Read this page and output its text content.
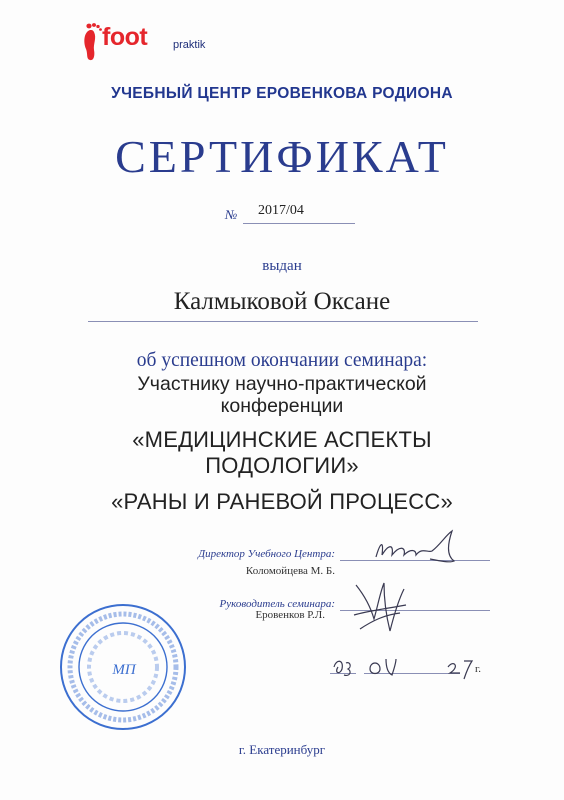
foot praktik
УЧЕБНЫЙ ЦЕНТР ЕРОВЕНКОВА РОДИОНА
СЕРТИФИКАТ
№ 2017/04
выдан
Калмыковой Оксане
об успешном окончании семинара:
Участнику научно-практической
конференции
«МЕДИЦИНСКИЕ АСПЕКТЫ
ПОДОЛОГИИ»
«РАНЫ И РАНЕВОЙ ПРОЦЕСС»
Директор Учебного Центра:
Коломойцева М. Б.
Руководитель семинара:
Еровенков Р.Л.
г.
МП
г. Екатеринбург
